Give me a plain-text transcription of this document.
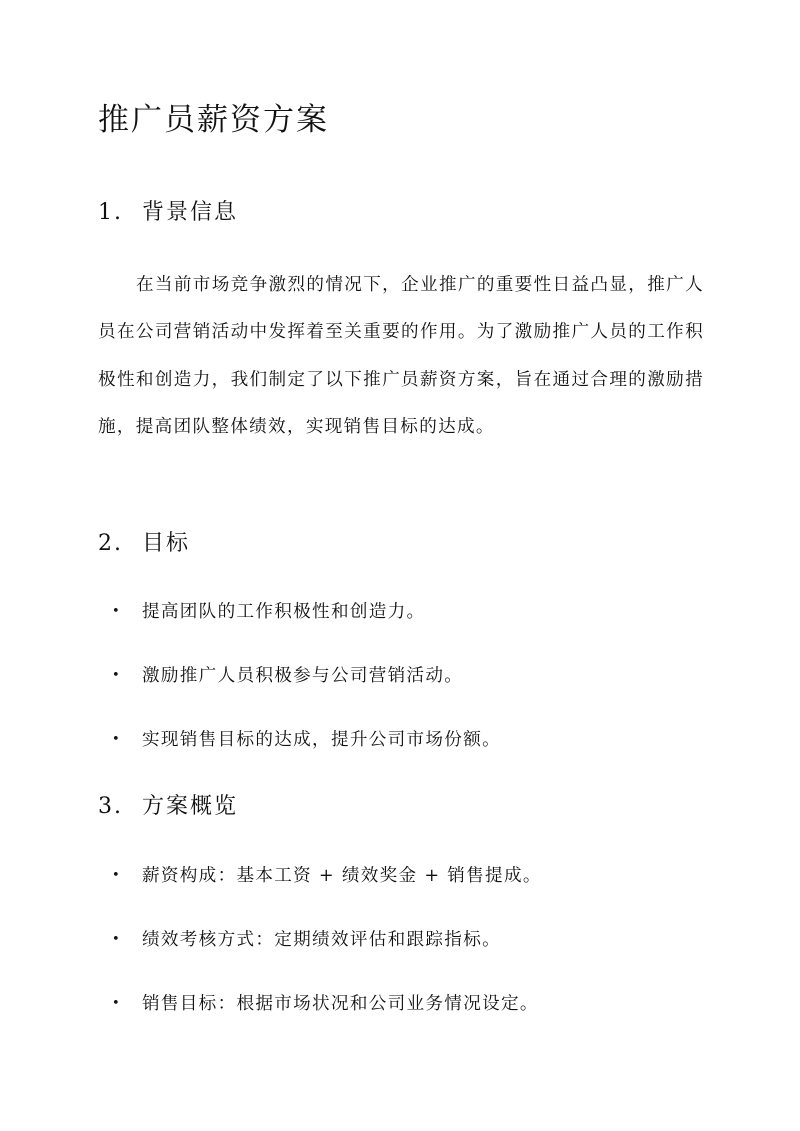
推广员薪资方案
1. 背景信息

在当前市场竞争激烈的情况下，企业推广的重要性日益凸显，推广人员在公司营销活动中发挥着至关重要的作用。为了激励推广人员的工作积极性和创造力，我们制定了以下推广员薪资方案，旨在通过合理的激励措施，提高团队整体绩效，实现销售目标的达成。

2. 目标
• 提高团队的工作积极性和创造力。
• 激励推广人员积极参与公司营销活动。
• 实现销售目标的达成，提升公司市场份额。
3. 方案概览
• 薪资构成：基本工资 + 绩效奖金 + 销售提成。
• 绩效考核方式：定期绩效评估和跟踪指标。
• 销售目标：根据市场状况和公司业务情况设定。
